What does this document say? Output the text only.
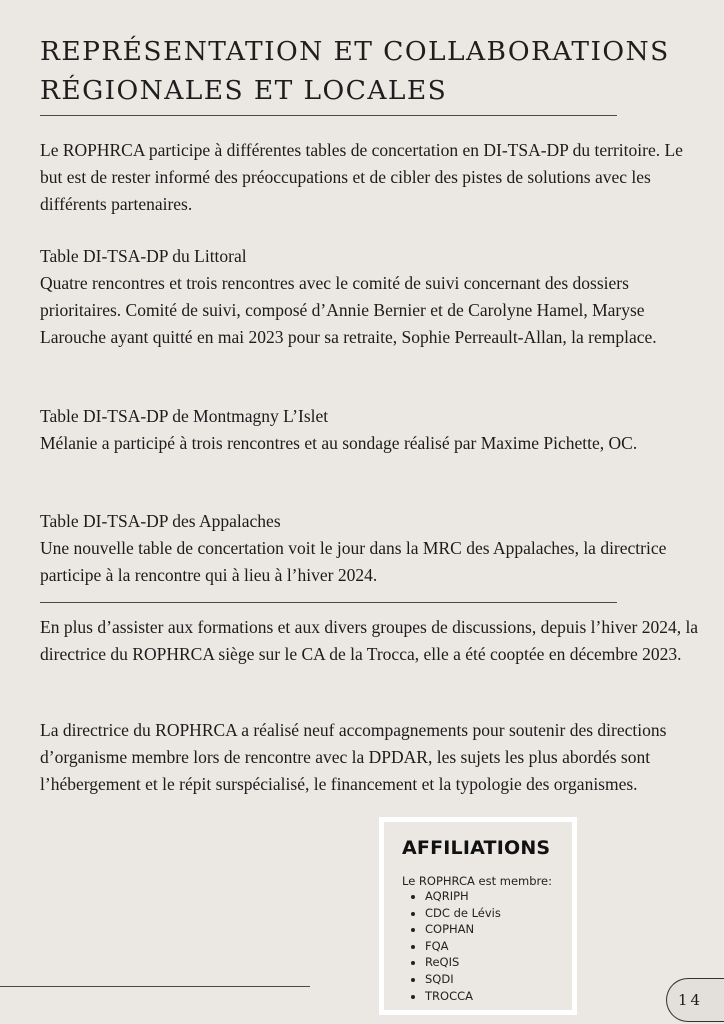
REPRÉSENTATION ET COLLABORATIONS
RÉGIONALES ET LOCALES

Le ROPHRCA participe à différentes tables de concertation en DI-TSA-DP du territoire. Le but est de rester informé des préoccupations et de cibler des pistes de solutions avec les différents partenaires.

Table DI-TSA-DP du Littoral

Quatre rencontres et trois rencontres avec le comité de suivi concernant des dossiers prioritaires. Comité de suivi, composé d’Annie Bernier et de Carolyne Hamel, Maryse Larouche ayant quitté en mai 2023 pour sa retraite, Sophie Perreault-Allan, la remplace.

Table DI-TSA-DP de Montmagny L’Islet

Mélanie a participé à trois rencontres et au sondage réalisé par Maxime Pichette, OC.

Table DI-TSA-DP des Appalaches

Une nouvelle table de concertation voit le jour dans la MRC des Appalaches, la directrice participe à la rencontre qui à lieu à l’hiver 2024.

En plus d’assister aux formations et aux divers groupes de discussions, depuis l’hiver 2024, la directrice du ROPHRCA siège sur le CA de la Trocca, elle a été cooptée en décembre 2023.

La directrice du ROPHRCA a réalisé neuf accompagnements pour soutenir des directions d’organisme membre lors de rencontre avec la DPDAR, les sujets les plus abordés sont l’hébergement et le répit surspécialisé, le financement et la typologie des organismes.

AFFILIATIONS

Le ROPHRCA est membre:

• AQRIPH
• CDC de Lévis
• COPHAN
• FQA
• ReQIS
• SQDI
• TROCCA	14
